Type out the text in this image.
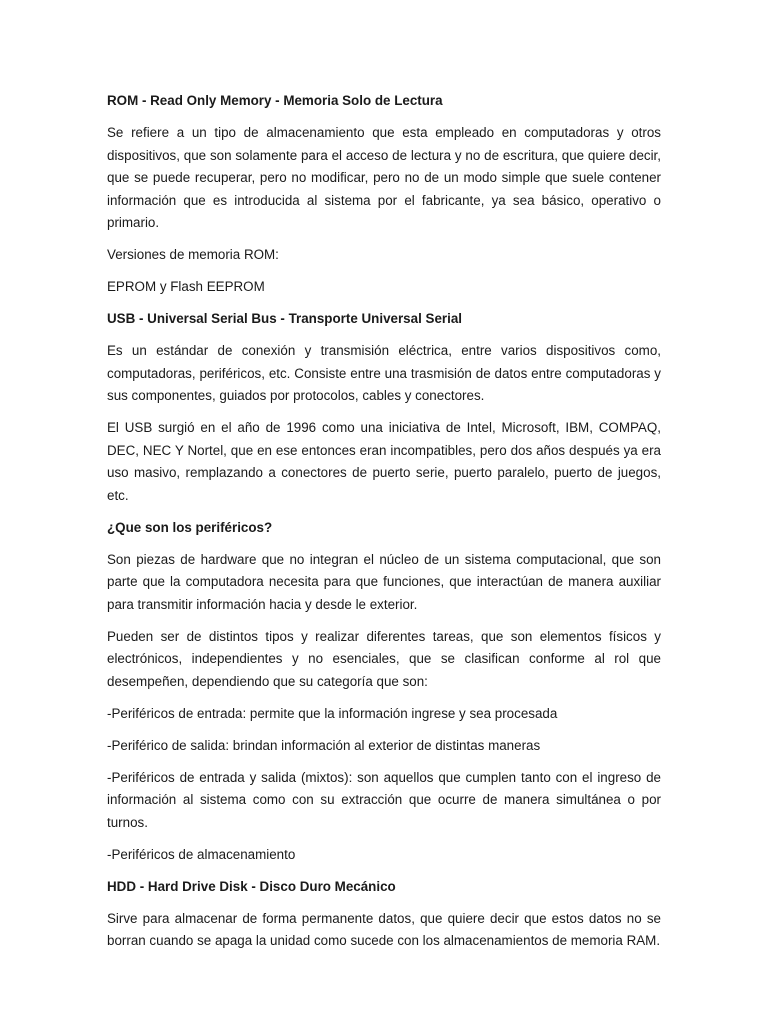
ROM - Read Only Memory - Memoria Solo de Lectura
Se refiere a un tipo de almacenamiento que esta empleado en computadoras y otros dispositivos, que son solamente para el acceso de lectura y no de escritura, que quiere decir, que se puede recuperar, pero no modificar, pero no de un modo simple que suele contener información que es introducida al sistema por el fabricante, ya sea básico, operativo o primario.
Versiones de memoria ROM:
EPROM y Flash EEPROM
USB - Universal Serial Bus - Transporte Universal Serial
Es un estándar de conexión y transmisión eléctrica, entre varios dispositivos como, computadoras, periféricos, etc. Consiste entre una trasmisión de datos entre computadoras y sus componentes, guiados por protocolos, cables y conectores.
El USB surgió en el año de 1996 como una iniciativa de Intel, Microsoft, IBM, COMPAQ, DEC, NEC Y Nortel, que en ese entonces eran incompatibles, pero dos años después ya era uso masivo, remplazando a conectores de puerto serie, puerto paralelo, puerto de juegos, etc.
¿Que son los periféricos?
Son piezas de hardware que no integran el núcleo de un sistema computacional, que son parte que la computadora necesita para que funciones, que interactúan de manera auxiliar para transmitir información hacia y desde le exterior.
Pueden ser de distintos tipos y realizar diferentes tareas, que son elementos físicos y electrónicos, independientes y no esenciales, que se clasifican conforme al rol que desempeñen, dependiendo que su categoría que son:
-Periféricos de entrada: permite que la información ingrese y sea procesada
-Periférico de salida: brindan información al exterior de distintas maneras
-Periféricos de entrada y salida (mixtos): son aquellos que cumplen tanto con el ingreso de información al sistema como con su extracción que ocurre de manera simultánea o por turnos.
-Periféricos de almacenamiento
HDD - Hard Drive Disk - Disco Duro Mecánico
Sirve para almacenar de forma permanente datos, que quiere decir que estos datos no se borran cuando se apaga la unidad como sucede con los almacenamientos de memoria RAM.
